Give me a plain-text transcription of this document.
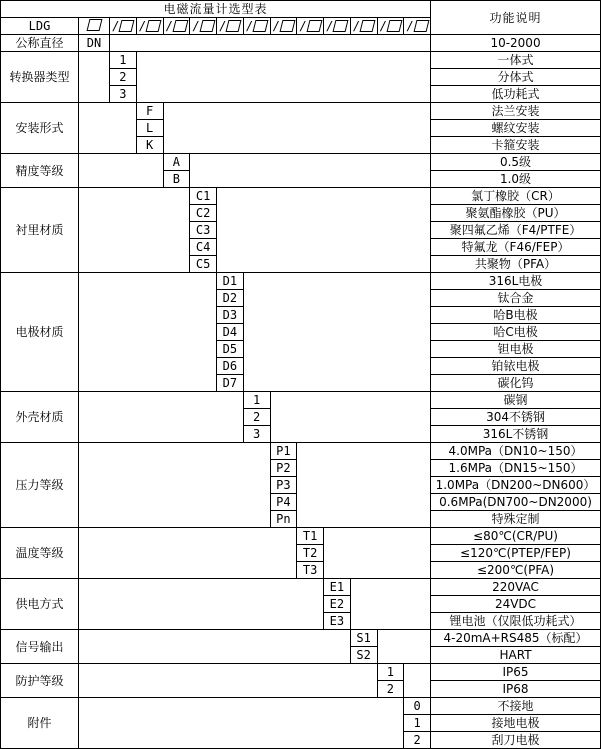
电磁流量计选型表														功能说明
LDG		/	/	/	/	/	/	/	/	/	/	/	/	

公称直径	DN													10-2000
转换器类型		1												一体式
		2												分体式
		3												低功耗式
安装形式			F											法兰安装
			L											螺纹安装
			K											卡箍安装
精度等级				A										0.5级
				B										1.0级
衬里材质					C1									氯丁橡胶（CR）
					C2									聚氨酯橡胶（PU）
					C3									聚四氟乙烯（F4/PTFE）
					C4									特氟龙（F46/FEP）
					C5									共聚物（PFA）
电极材质						D1								316L电极
						D2								钛合金
						D3								哈B电极
						D4								哈C电极
						D5								钽电极
						D6								铂铱电极
						D7								碳化钨
外壳材质							1							碳钢
							2							304不锈钢
							3							316L不锈钢
压力等级								P1						4.0MPa（DN10~150）
								P2						1.6MPa（DN15~150）
								P3						1.0MPa（DN200~DN600）
								P4						0.6MPa(DN700~DN2000)
								Pn						特殊定制
温度等级									T1					≤80℃(CR/PU)
									T2					≤120℃(PTEP/FEP)
									T3					≤200℃(PFA)
供电方式										E1				220VAC
										E2				24VDC
										E3				锂电池（仅限低功耗式）
信号输出											S1			4-20mA+RS485（标配）
											S2			HART
防护等级												1		IP65
												2		IP68
附件													0	不接地
													1	接地电极
													2	刮刀电极
